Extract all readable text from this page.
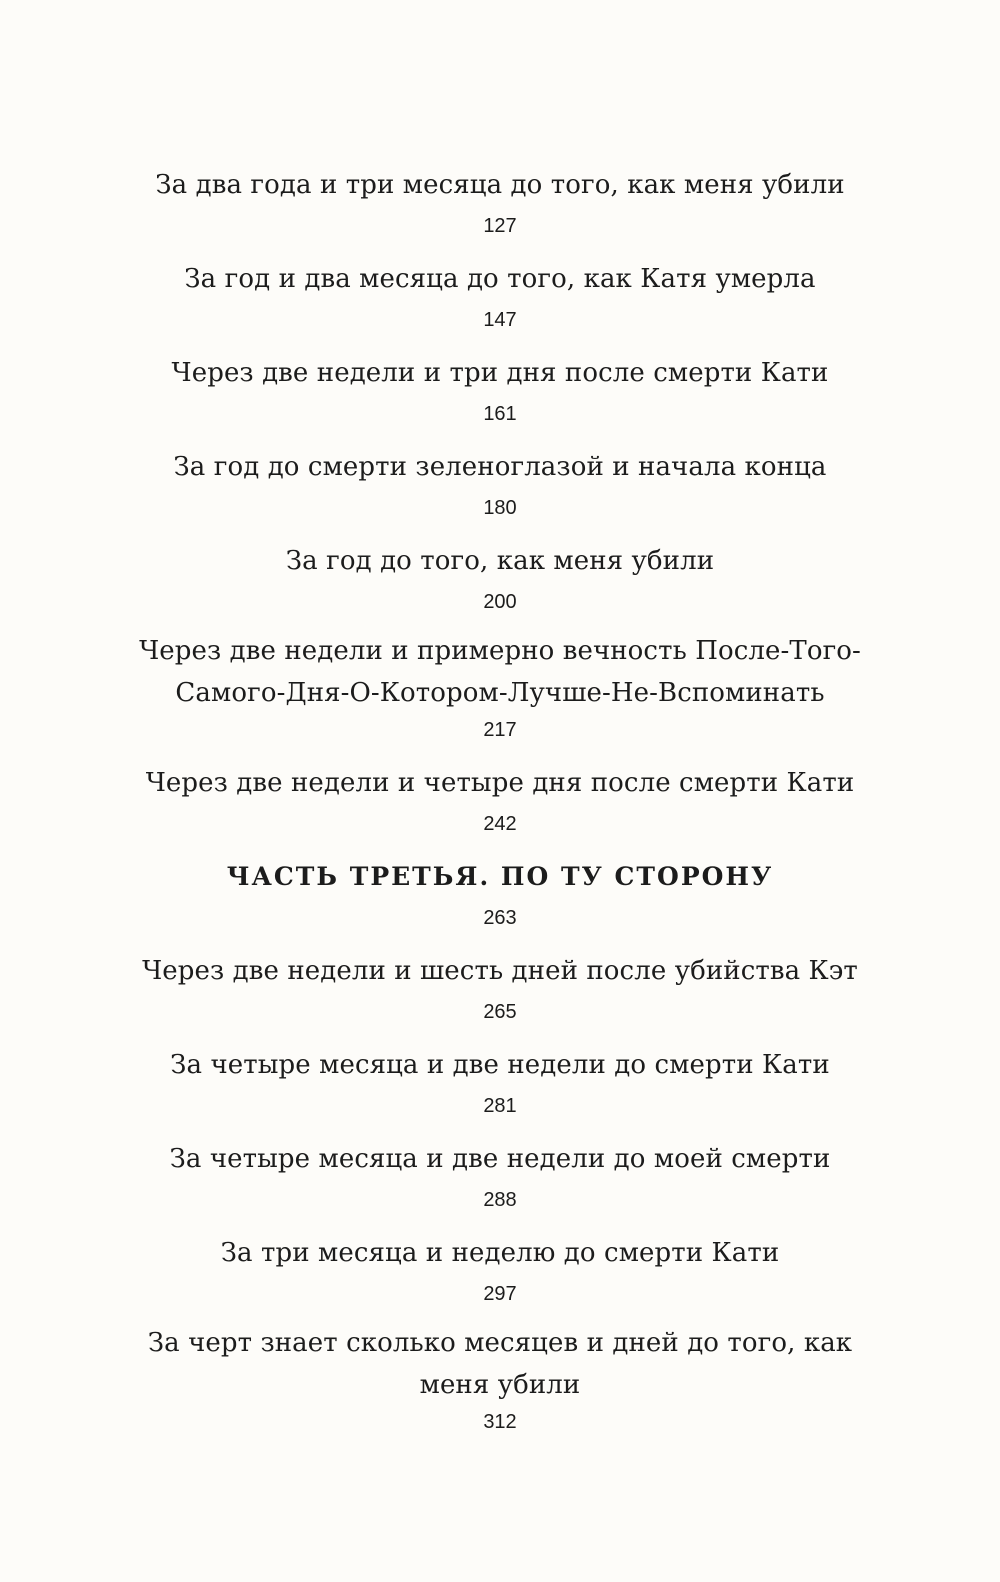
За два года и три месяца до того, как меня убили
127
За год и два месяца до того, как Катя умерла
147
Через две недели и три дня после смерти Кати
161
За год до смерти зеленоглазой и начала конца
180
За год до того, как меня убили
200
Через две недели и примерно вечность После-Того-Самого-Дня-О-Котором-Лучше-Не-Вспоминать
217
Через две недели и четыре дня после смерти Кати
242
ЧАСТЬ ТРЕТЬЯ. ПО ТУ СТОРОНУ
263
Через две недели и шесть дней после убийства Кэт
265
За четыре месяца и две недели до смерти Кати
281
За четыре месяца и две недели до моей смерти
288
За три месяца и неделю до смерти Кати
297
За черт знает сколько месяцев и дней до того, как меня убили
312
